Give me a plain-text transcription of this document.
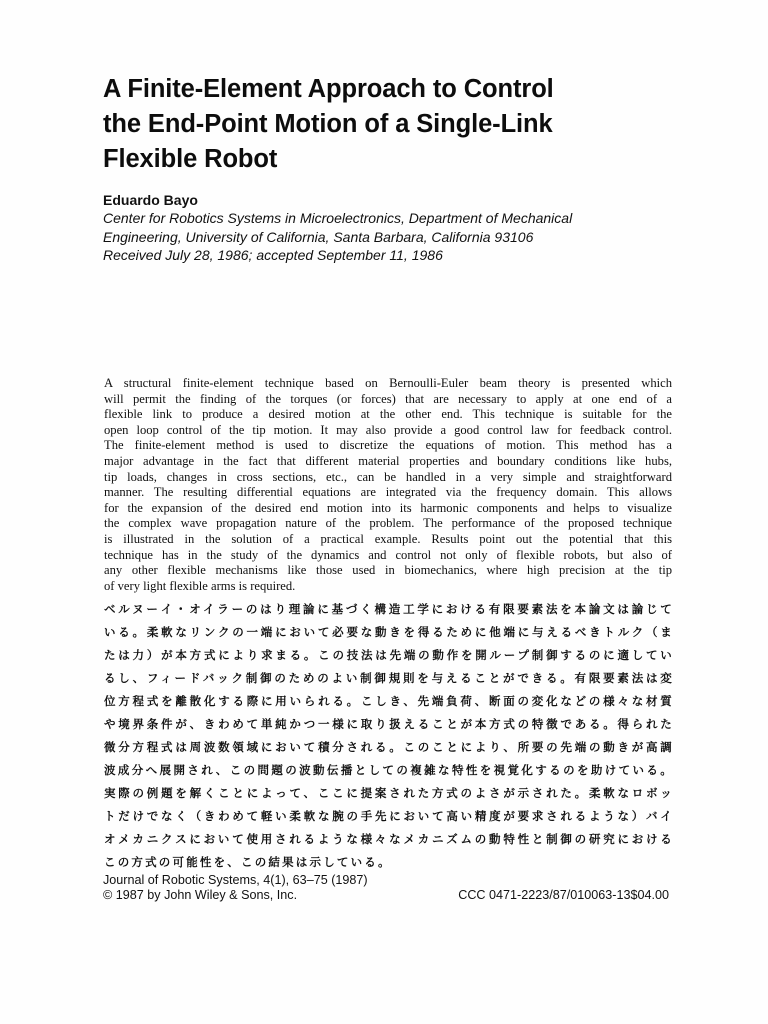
A Finite-Element Approach to Control
the End-Point Motion of a Single-Link
Flexible Robot
Eduardo Bayo
Center for Robotics Systems in Microelectronics, Department of Mechanical
Engineering, University of California, Santa Barbara, California 93106
Received July 28, 1986; accepted September 11, 1986
A structural finite-element technique based on Bernoulli-Euler beam theory is presented which
will permit the finding of the torques (or forces) that are necessary to apply at one end of a
flexible link to produce a desired motion at the other end. This technique is suitable for the
open loop control of the tip motion. It may also provide a good control law for feedback control.
The finite-element method is used to discretize the equations of motion. This method has a
major advantage in the fact that different material properties and boundary conditions like hubs,
tip loads, changes in cross sections, etc., can be handled in a very simple and straightforward
manner. The resulting differential equations are integrated via the frequency domain. This allows
for the expansion of the desired end motion into its harmonic components and helps to visualize
the complex wave propagation nature of the problem. The performance of the proposed technique
is illustrated in the solution of a practical example. Results point out the potential that this
technique has in the study of the dynamics and control not only of flexible robots, but also of
any other flexible mechanisms like those used in biomechanics, where high precision at the tip
of very light flexible arms is required.
ベルヌーイ・オイラーのはり理論に基づく構造工学における有限要素法を本論文は論じて
いる。柔軟なリンクの一端において必要な動きを得るために他端に与えるべきトルク（ま
たは力）が本方式により求まる。この技法は先端の動作を開ループ制御するのに適してい
るし、フィードバック制御のためのよい制御規則を与えることができる。有限要素法は変
位方程式を離散化する際に用いられる。こしき、先端負荷、断面の変化などの様々な材質
や境界条件が、きわめて単純かつ一様に取り扱えることが本方式の特徴である。得られた
微分方程式は周波数領域において積分される。このことにより、所要の先端の動きが高調
波成分へ展開され、この問題の波動伝播としての複雑な特性を視覚化するのを助けている。
実際の例題を解くことによって、ここに提案された方式のよさが示された。柔軟なロボッ
トだけでなく（きわめて軽い柔軟な腕の手先において高い精度が要求されるような）バイ
オメカニクスにおいて使用されるような様々なメカニズムの動特性と制御の研究における
この方式の可能性を、この結果は示している。
Journal of Robotic Systems, 4(1), 63–75 (1987)
© 1987 by John Wiley & Sons, Inc.	CCC 0471-2223/87/010063-13$04.00
